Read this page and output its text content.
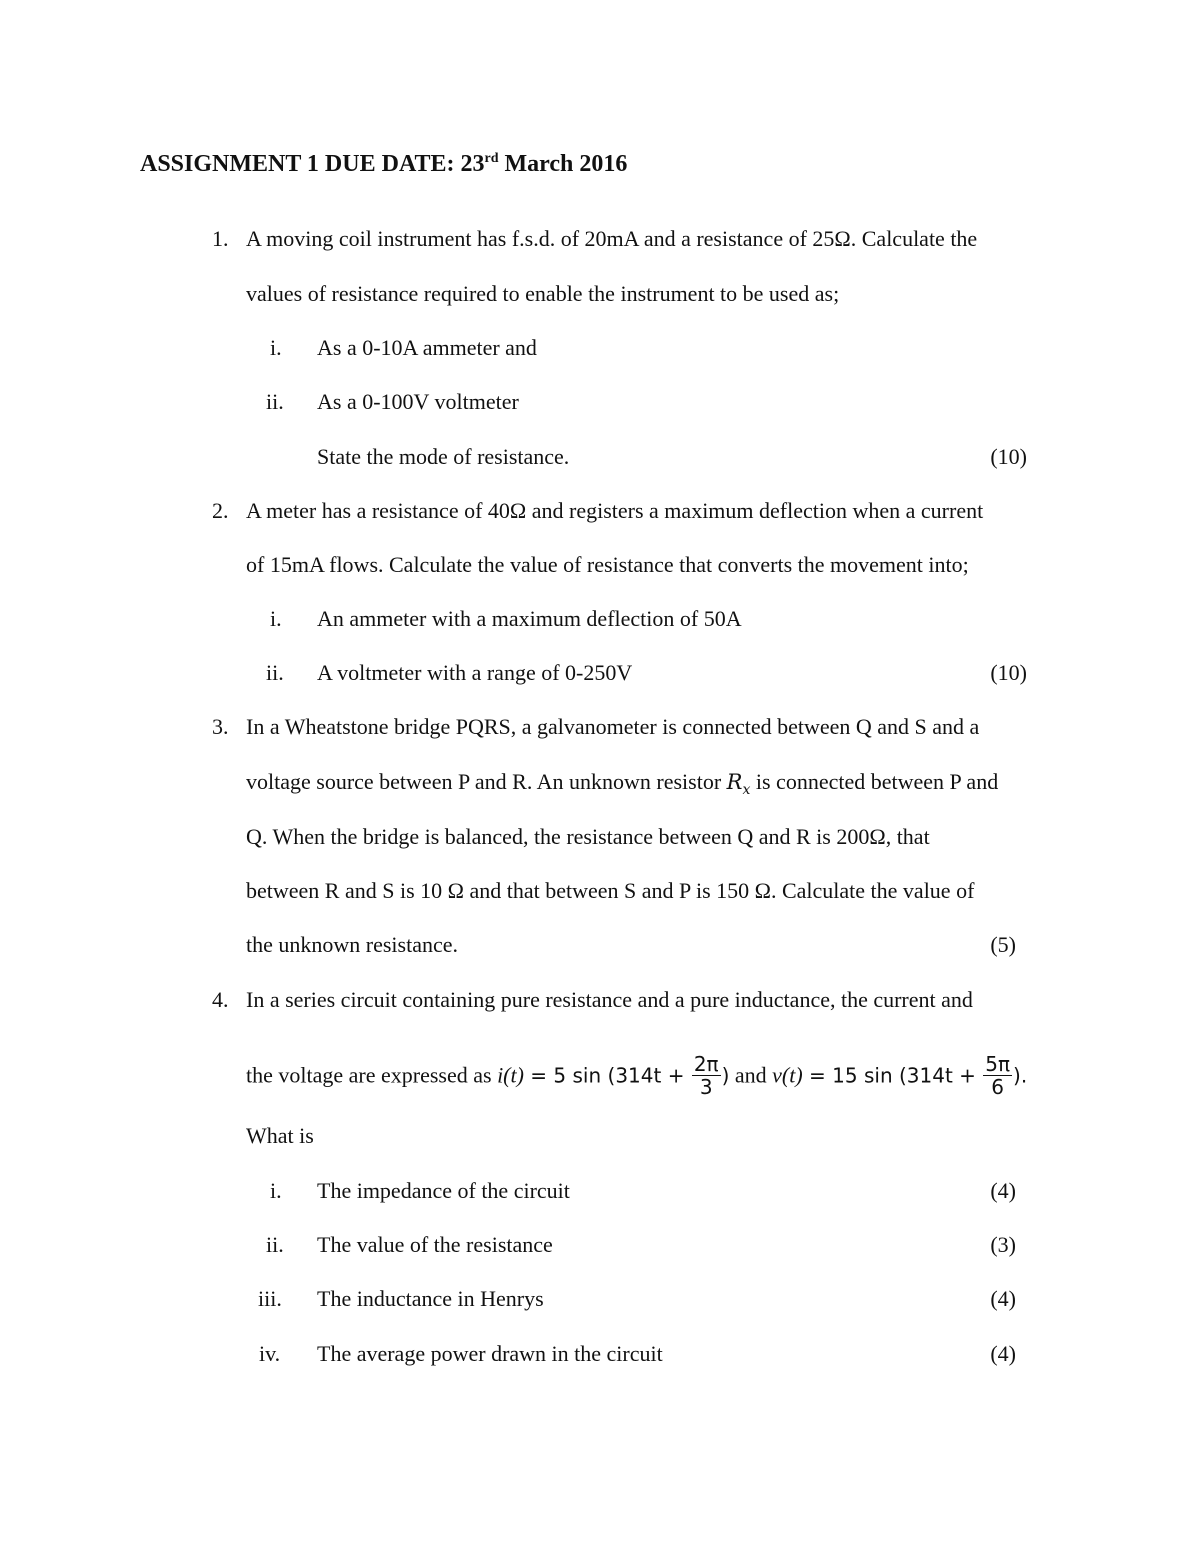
ASSIGNMENT 1 DUE DATE: 23rd March 2016
1. A moving coil instrument has f.s.d. of 20mA and a resistance of 25Ω. Calculate the
values of resistance required to enable the instrument to be used as;
i. As a 0-10A ammeter and
ii. As a 0-100V voltmeter
State the mode of resistance.	(10)
2. A meter has a resistance of 40Ω and registers a maximum deflection when a current
of 15mA flows. Calculate the value of resistance that converts the movement into;
i. An ammeter with a maximum deflection of 50A
ii. A voltmeter with a range of 0-250V	(10)
3. In a Wheatstone bridge PQRS, a galvanometer is connected between Q and S and a
voltage source between P and R. An unknown resistor $R_x$ is connected between P and
Q. When the bridge is balanced, the resistance between Q and R is 200Ω, that
between R and S is 10 Ω and that between S and P is 150 Ω. Calculate the value of
the unknown resistance.	(5)
4. In a series circuit containing pure resistance and a pure inductance, the current and
the voltage are expressed as i(t) = 5 $\sin (314t + \frac{2\pi}{3}$ ) and v(t) = 15 $\sin (314t + \frac{5\pi}{6}$ ).
What is
i. The impedance of the circuit	(4)
ii. The value of the resistance	(3)
iii. The inductance in Henrys	(4)
iv. The average power drawn in the circuit	(4)
